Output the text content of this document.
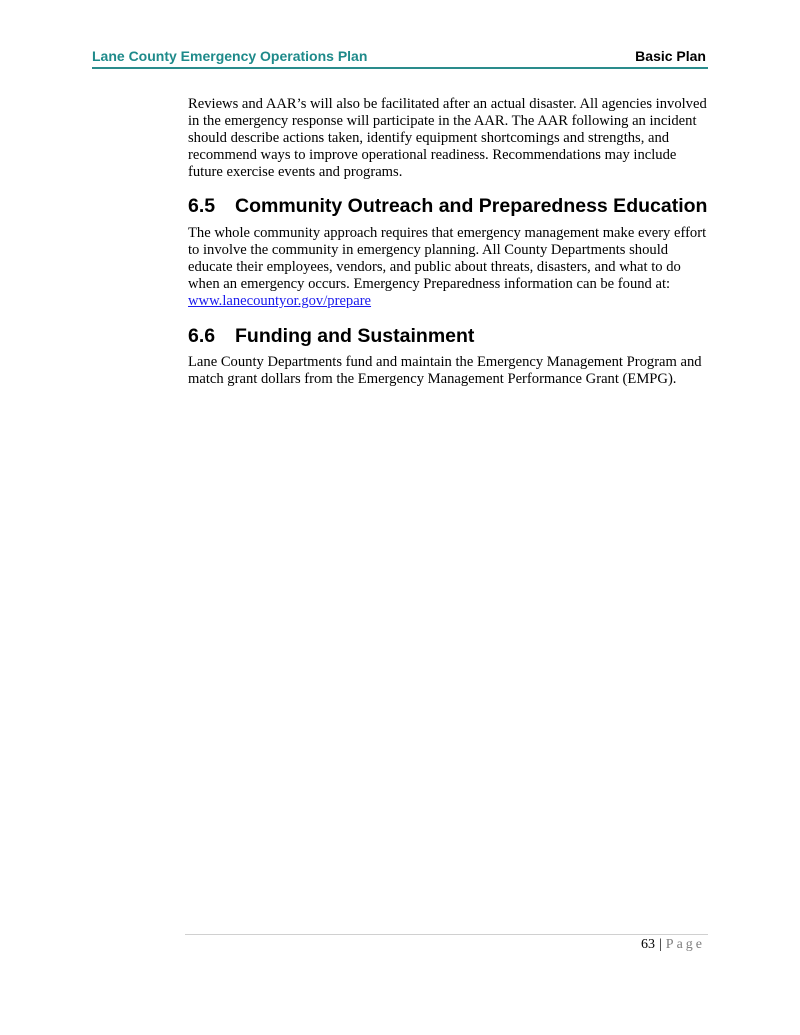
Lane County Emergency Operations Plan	Basic Plan

Reviews and AAR’s will also be facilitated after an actual disaster. All agencies involved in the emergency response will participate in the AAR. The AAR following an incident should describe actions taken, identify equipment shortcomings and strengths, and recommend ways to improve operational readiness. Recommendations may include future exercise events and programs.

6.5 Community Outreach and Preparedness Education

The whole community approach requires that emergency management make every effort to involve the community in emergency planning. All County Departments should educate their employees, vendors, and public about threats, disasters, and what to do when an emergency occurs. Emergency Preparedness information can be found at: www.lanecountyor.gov/prepare

6.6 Funding and Sustainment

Lane County Departments fund and maintain the Emergency Management Program and match grant dollars from the Emergency Management Performance Grant (EMPG).

63 | Page
